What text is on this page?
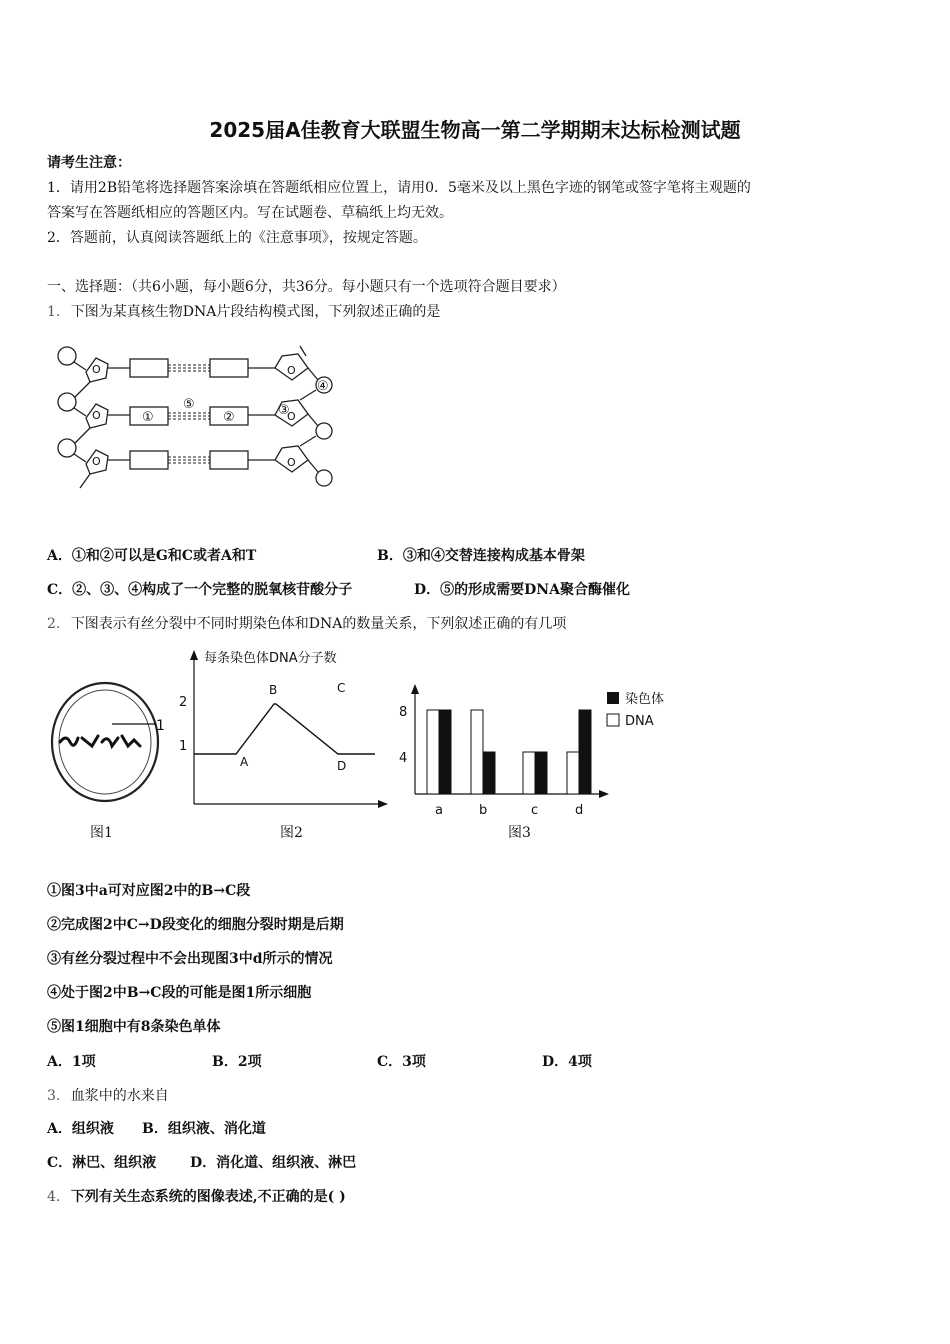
2025届A佳教育大联盟生物高一第二学期期末达标检测试题
请考生注意：
1．请用2B铅笔将选择题答案涂填在答题纸相应位置上，请用0．5毫米及以上黑色字迹的钢笔或签字笔将主观题的
答案写在答题纸相应的答题区内。写在试题卷、草稿纸上均无效。
2．答题前，认真阅读答题纸上的《注意事项》，按规定答题。
一、选择题：（共6小题，每小题6分，共36分。每小题只有一个选项符合题目要求）
1. 下图为某真核生物DNA片段结构模式图，下列叙述正确的是
O
O
O
O
O
O
①	②	③
④
⑤
A．①和②可以是G和C或者A和T	B．③和④交替连接构成基本骨架
C．②、③、④构成了一个完整的脱氧核苷酸分子	D．⑤的形成需要DNA聚合酶催化
2. 下图表示有丝分裂中不同时期染色体和DNA的数量关系，下列叙述正确的有几项
1
图1
每条染色体DNA分子数
2
1
A
B	C
D
图2
8
4
a	b	c	d
染色体
DNA
图3
①图3中a可对应图2中的B→C段
②完成图2中C→D段变化的细胞分裂时期是后期
③有丝分裂过程中不会出现图3中d所示的情况
④处于图2中B→C段的可能是图1所示细胞
⑤图1细胞中有8条染色单体
A．1项	B．2项	C．3项	D．4项
3. 血浆中的水来自
A．组织液 B．组织液、消化道
C．淋巴、组织液 D．消化道、组织液、淋巴
4. 下列有关生态系统的图像表述,不正确的是( )
